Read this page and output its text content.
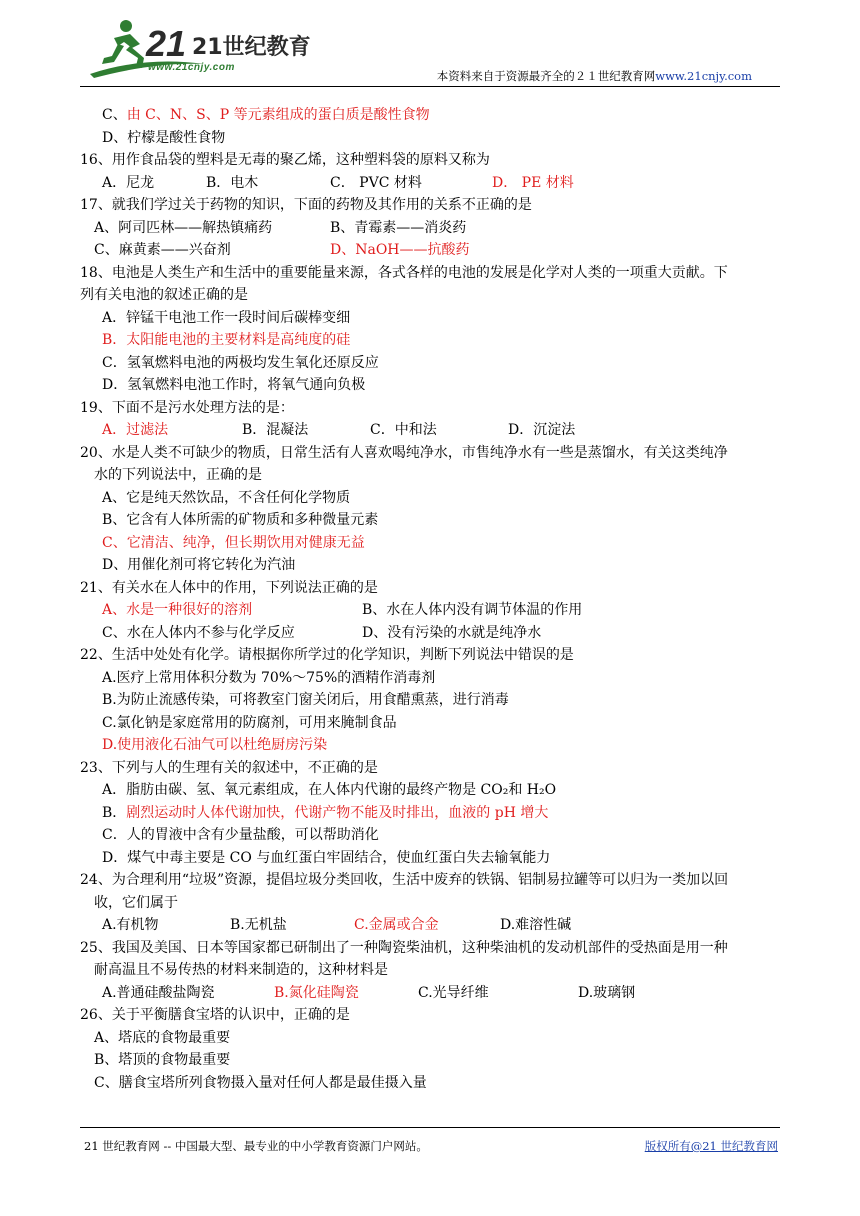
21 21世纪教育
www.21cnjy.com
本资料来自于资源最齐全的２１世纪教育网www.21cnjy.com
C、由 C、N、S、P 等元素组成的蛋白质是酸性食物
D、柠檬是酸性食物
16、用作食品袋的塑料是无毒的聚乙烯，这种塑料袋的原料又称为
A．尼龙	B．电木	C． PVC 材料	D． PE 材料
17、就我们学过关于药物的知识，下面的药物及其作用的关系不正确的是
A、阿司匹林——解热镇痛药	B、青霉素——消炎药
C、麻黄素——兴奋剂	D、NaOH——抗酸药
18、电池是人类生产和生活中的重要能量来源，各式各样的电池的发展是化学对人类的一项重大贡献。下
列有关电池的叙述正确的是
A．锌锰干电池工作一段时间后碳棒变细
B．太阳能电池的主要材料是高纯度的硅
C．氢氧燃料电池的两极均发生氧化还原反应
D．氢氧燃料电池工作时，将氧气通向负极
19、下面不是污水处理方法的是：
A．过滤法	B．混凝法	C．中和法	D．沉淀法
20、水是人类不可缺少的物质，日常生活有人喜欢喝纯净水，市售纯净水有一些是蒸馏水，有关这类纯净
水的下列说法中，正确的是
A、它是纯天然饮品，不含任何化学物质
B、它含有人体所需的矿物质和多种微量元素
C、它清洁、纯净，但长期饮用对健康无益
D、用催化剂可将它转化为汽油
21、有关水在人体中的作用，下列说法正确的是
A、水是一种很好的溶剂	B、水在人体内没有调节体温的作用
C、水在人体内不参与化学反应	D、没有污染的水就是纯净水
22、生活中处处有化学。请根据你所学过的化学知识，判断下列说法中错误的是
A.医疗上常用体积分数为 70%～75%的酒精作消毒剂
B.为防止流感传染，可将教室门窗关闭后，用食醋熏蒸，进行消毒
C.氯化钠是家庭常用的防腐剂，可用来腌制食品
D.使用液化石油气可以杜绝厨房污染
23、下列与人的生理有关的叙述中，不正确的是
A．脂肪由碳、氢、氧元素组成，在人体内代谢的最终产物是 CO₂和 H₂O
B．剧烈运动时人体代谢加快，代谢产物不能及时排出，血液的 pH 增大
C．人的胃液中含有少量盐酸，可以帮助消化
D．煤气中毒主要是 CO 与血红蛋白牢固结合，使血红蛋白失去输氧能力
24、为合理利用“垃圾”资源，提倡垃圾分类回收，生活中废弃的铁锅、铝制易拉罐等可以归为一类加以回
收，它们属于
A.有机物	B.无机盐	C.金属或合金	D.难溶性碱
25、我国及美国、日本等国家都已研制出了一种陶瓷柴油机，这种柴油机的发动机部件的受热面是用一种
耐高温且不易传热的材料来制造的，这种材料是
A.普通硅酸盐陶瓷	B.氮化硅陶瓷	C.光导纤维	D.玻璃钢
26、关于平衡膳食宝塔的认识中，正确的是
A、塔底的食物最重要
B、塔顶的食物最重要
C、膳食宝塔所列食物摄入量对任何人都是最佳摄入量
21 世纪教育网 -- 中国最大型、最专业的中小学教育资源门户网站。	版权所有@21 世纪教育网
